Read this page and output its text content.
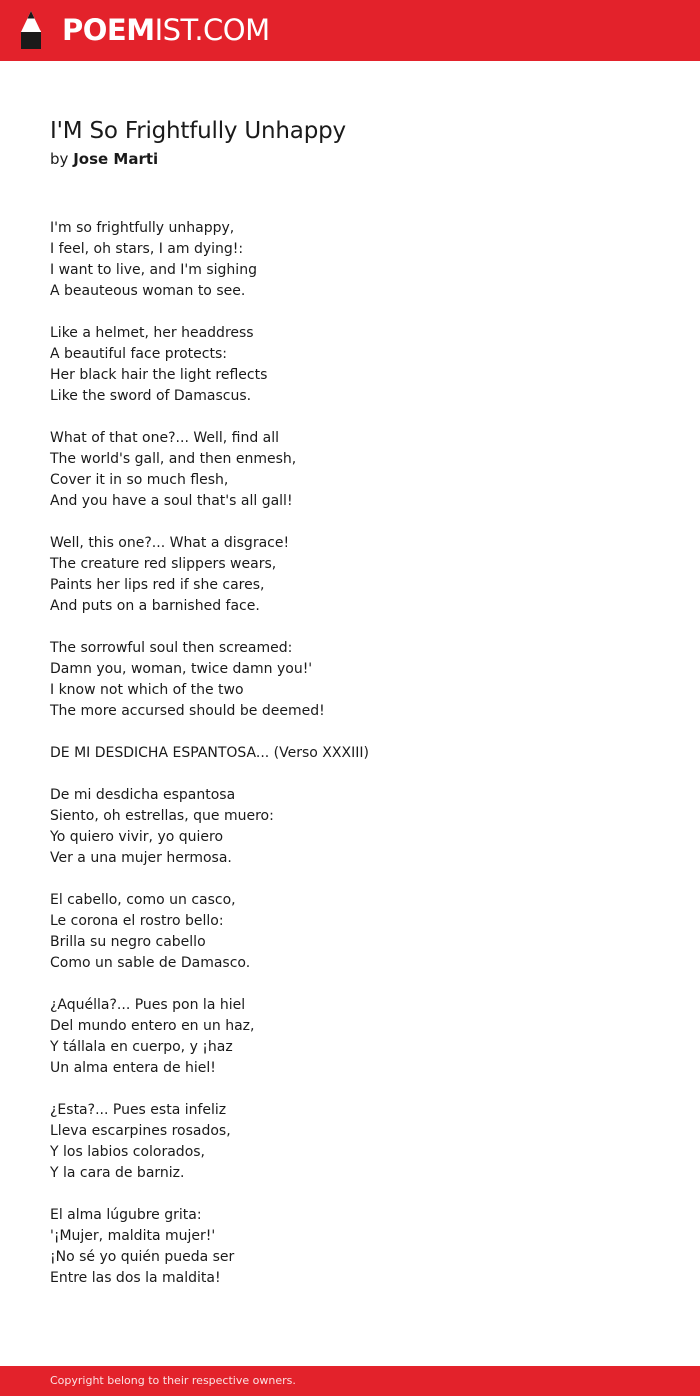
POEMIST.COM
I'M So Frightfully Unhappy
by Jose Marti
I'm so frightfully unhappy,
I feel, oh stars, I am dying!:
I want to live, and I'm sighing
A beauteous woman to see.
Like a helmet, her headdress
A beautiful face protects:
Her black hair the light reflects
Like the sword of Damascus.
What of that one?... Well, find all
The world's gall, and then enmesh,
Cover it in so much flesh,
And you have a soul that's all gall!
Well, this one?... What a disgrace!
The creature red slippers wears,
Paints her lips red if she cares,
And puts on a barnished face.
The sorrowful soul then screamed:
Damn you, woman, twice damn you!'
I know not which of the two
The more accursed should be deemed!
DE MI DESDICHA ESPANTOSA... (Verso XXXIII)
De mi desdicha espantosa
Siento, oh estrellas, que muero:
Yo quiero vivir, yo quiero
Ver a una mujer hermosa.
El cabello, como un casco,
Le corona el rostro bello:
Brilla su negro cabello
Como un sable de Damasco.
¿Aquélla?... Pues pon la hiel
Del mundo entero en un haz,
Y tállala en cuerpo, y ¡haz
Un alma entera de hiel!
¿Esta?... Pues esta infeliz
Lleva escarpines rosados,
Y los labios colorados,
Y la cara de barniz.
El alma lúgubre grita:
'¡Mujer, maldita mujer!'
¡No sé yo quién pueda ser
Entre las dos la maldita!
Copyright belong to their respective owners.
